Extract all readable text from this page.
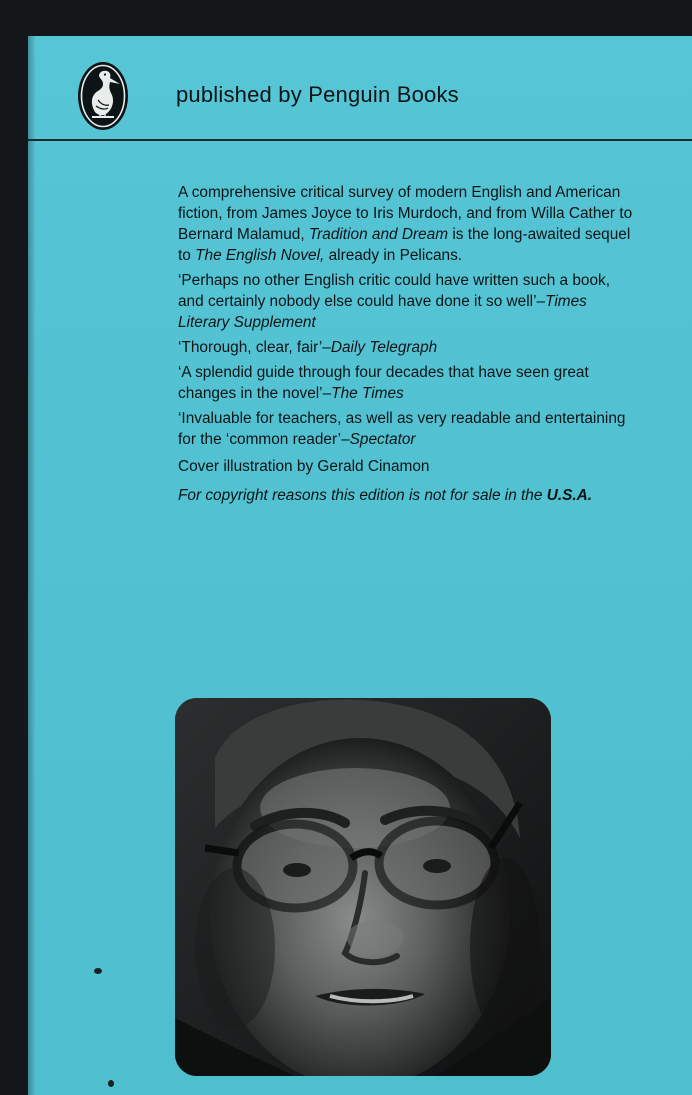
published by Penguin Books

A comprehensive critical survey of modern English and American fiction, from James Joyce to Iris Murdoch, and from Willa Cather to Bernard Malamud, Tradition and Dream is the long-awaited sequel to The English Novel, already in Pelicans.

‘Perhaps no other English critic could have written such a book, and certainly nobody else could have done it so well’–Times Literary Supplement

‘Thorough, clear, fair’–Daily Telegraph

‘A splendid guide through four decades that have seen great changes in the novel’–The Times

‘Invaluable for teachers, as well as very readable and entertaining for the ‘common reader’–Spectator

Cover illustration by Gerald Cinamon

For copyright reasons this edition is not for sale in the U.S.A.
